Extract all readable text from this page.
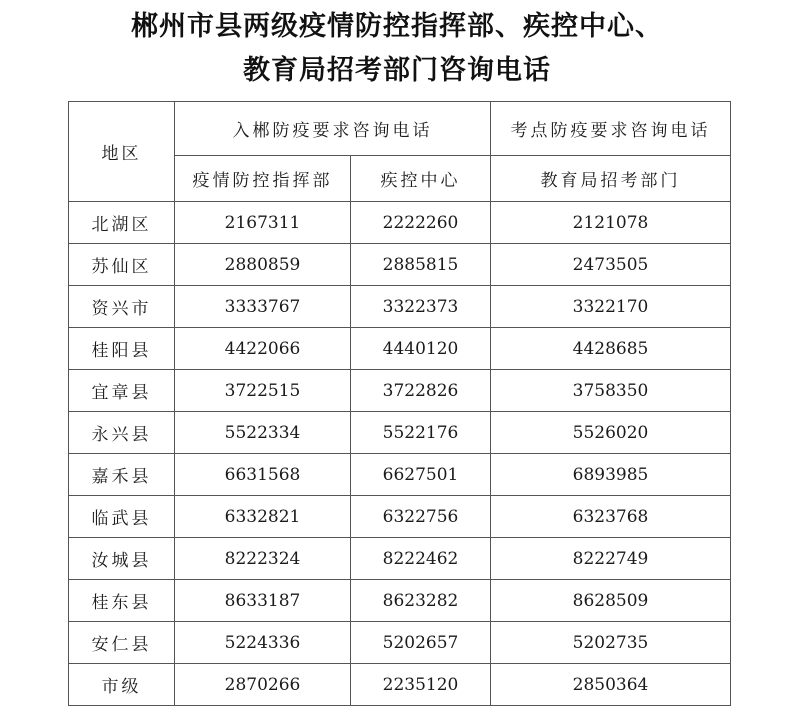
郴州市县两级疫情防控指挥部、疾控中心、
教育局招考部门咨询电话
地区	入郴防疫要求咨询电话		考点防疫要求咨询电话
	疫情防控指挥部	疾控中心	教育局招考部门
北湖区	2167311	2222260	2121078
苏仙区	2880859	2885815	2473505
资兴市	3333767	3322373	3322170
桂阳县	4422066	4440120	4428685
宜章县	3722515	3722826	3758350
永兴县	5522334	5522176	5526020
嘉禾县	6631568	6627501	6893985
临武县	6332821	6322756	6323768
汝城县	8222324	8222462	8222749
桂东县	8633187	8623282	8628509
安仁县	5224336	5202657	5202735
市级	2870266	2235120	2850364
